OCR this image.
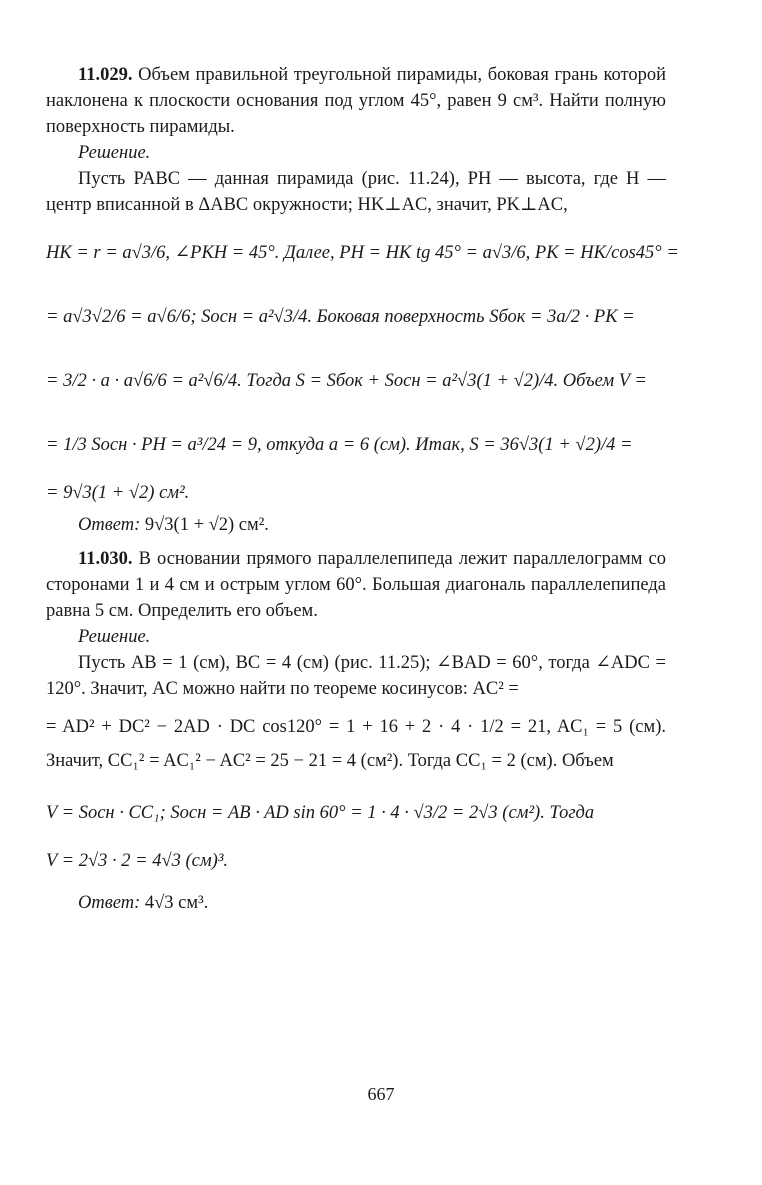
11.029. Объем правильной треугольной пирамиды, боковая грань которой наклонена к плоскости основания под углом 45°, равен 9 см³. Найти полную поверхность пирамиды.

Решение.

Пусть PABC — данная пирамида (рис. 11.24), PH — высота, где H — центр вписанной в ΔABC окружности; HK⊥AC, значит, PK⊥AC,

HK = r = a√3/6, ∠PKH = 45°. Далее, PH = HK tg 45° = a√3/6, PK = HK/cos45° =
= a√3√2/6 = a√6/6; Sосн = a²√3/4. Боковая поверхность Sбок = 3a/2 · PK =
= 3/2 · a · a√6/6 = a²√6/4. Тогда S = Sбок + Sосн = a²√3(1 + √2)/4. Объем V =
= 1/3 Sосн · PH = a³/24 = 9, откуда a = 6 (см). Итак, S = 36√3(1 + √2)/4 =
= 9√3(1 + √2) см².

Ответ: 9√3(1 + √2) см².

11.030. В основании прямого параллелепипеда лежит параллелограмм со сторонами 1 и 4 см и острым углом 60°. Большая диагональ параллелепипеда равна 5 см. Определить его объем.

Решение.

Пусть AB = 1 (см), BC = 4 (см) (рис. 11.25); ∠BAD = 60°, тогда ∠ADC = 120°. Значит, AC можно найти по теореме косинусов: AC² =

= AD² + DC² − 2AD · DC cos120° = 1 + 16 + 2 · 4 · 1/2 = 21, AC₁ = 5 (см). Значит, CC₁² = AC₁² − AC² = 25 − 21 = 4 (см²). Тогда CC₁ = 2 (см). Объем

V = Sосн · CC₁; Sосн = AB · AD sin 60° = 1 · 4 · √3/2 = 2√3 (см²). Тогда
V = 2√3 · 2 = 4√3 (см)³.

Ответ: 4√3 см³.

667
